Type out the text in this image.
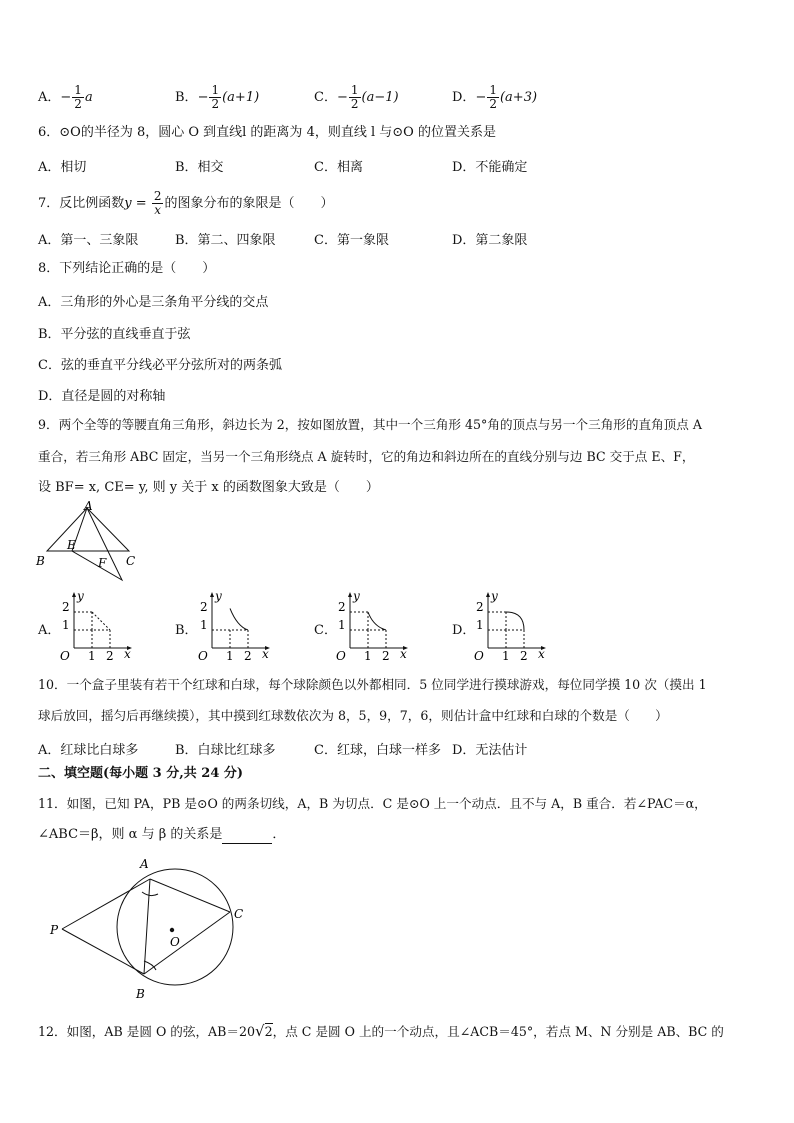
A．− $\frac{1}{2}$ a	B．− $\frac{1}{2} (a+1)$	C．− $\frac{1}{2} (a-1)$	D．− $\frac{1}{2} (a+3)$
6．⊙O的半径为 8，圆心 O 到直线l 的距离为 4，则直线 l 与⊙O 的位置关系是
A．相切	B．相交	C．相离	D．不能确定
7．反比例函数$y = \frac{2}{x}$ 的图象分布的象限是（　　）
A．第一、三象限	B．第二、四象限	C．第一象限	D．第二象限
8．下列结论正确的是（　　）
A．三角形的外心是三条角平分线的交点
B．平分弦的直线垂直于弦
C．弦的垂直平分线必平分弦所对的两条弧
D．直径是圆的对称轴
9．两个全等的等腰直角三角形，斜边长为 2，按如图放置，其中一个三角形 45°角的顶点与另一个三角形的直角顶点 A
重合，若三角形 ABC 固定，当另一个三角形绕点 A 旋转时，它的角边和斜边所在的直线分别与边 BC 交于点 E、F，
设 BF= x, CE= y, 则 y 关于 x 的函数图象大致是（　　）
A
B	C
E
F
A．	B．	C．	D．
2
1
1 2
O
y
x
2
1
1 2
O
y
x
2
1
1 2
O
y
x
2
1
1 2
O
y
x
10．一个盒子里装有若干个红球和白球，每个球除颜色以外都相同．5 位同学进行摸球游戏，每位同学摸 10 次（摸出 1
球后放回，摇匀后再继续摸），其中摸到红球数依次为 8，5，9，7，6，则估计盒中红球和白球的个数是（　　）
A．红球比白球多	B．白球比红球多	C．红球，白球一样多 D．无法估计
二、填空题(每小题 3 分,共 24 分)
11．如图，已知 PA，PB 是⊙O 的两条切线，A，B 为切点．C 是⊙O 上一个动点．且不与 A，B 重合．若∠PAC＝α，
∠ABC＝β，则 α 与 β 的关系是	．
A
B
C
P
O
12．如图，AB 是圆 O 的弦，AB＝20√2，点 C 是圆 O 上的一个动点，且∠ACB＝45°，若点 M、N 分别是 AB、BC 的
